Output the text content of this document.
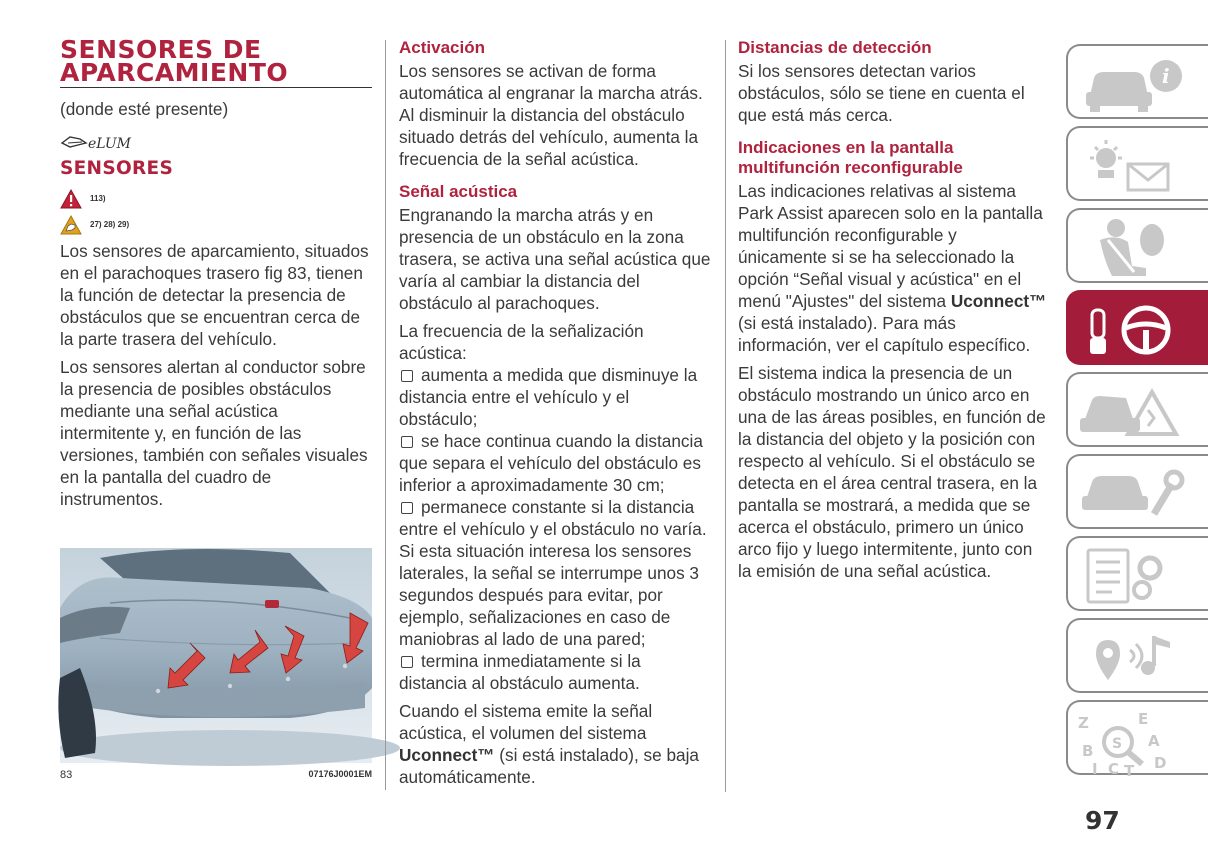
SENSORES DE APARCAMIENTO

(donde esté presente)

eLUM
SENSORES
113)
27) 28) 29)

Los sensores de aparcamiento, situados en el parachoques trasero fig 83, tienen la función de detectar la presencia de obstáculos que se encuentran cerca de la parte trasera del vehículo.

Los sensores alertan al conductor sobre la presencia de posibles obstáculos mediante una señal acústica intermitente y, en función de las versiones, también con señales visuales en la pantalla del cuadro de instrumentos.

83	07176J0001EM
Activación

Los sensores se activan de forma automática al engranar la marcha atrás. Al disminuir la distancia del obstáculo situado detrás del vehículo, aumenta la frecuencia de la señal acústica.

Señal acústica

Engranando la marcha atrás y en presencia de un obstáculo en la zona trasera, se activa una señal acústica que varía al cambiar la distancia del obstáculo al parachoques.

La frecuencia de la señalización acústica:

aumenta a medida que disminuye la distancia entre el vehículo y el obstáculo;
se hace continua cuando la distancia que separa el vehículo del obstáculo es inferior a aproximadamente 30 cm;
permanece constante si la distancia entre el vehículo y el obstáculo no varía. Si esta situación interesa los sensores laterales, la señal se interrumpe unos 3 segundos después para evitar, por ejemplo, señalizaciones en caso de maniobras al lado de una pared;
termina inmediatamente si la distancia al obstáculo aumenta.

Cuando el sistema emite la señal acústica, el volumen del sistema Uconnect™ (si está instalado), se baja automáticamente.

Distancias de detección

Si los sensores detectan varios obstáculos, sólo se tiene en cuenta el que está más cerca.

Indicaciones en la pantalla multifunción reconfigurable

Las indicaciones relativas al sistema Park Assist aparecen solo en la pantalla multifunción reconfigurable y únicamente si se ha seleccionado la opción “Señal visual y acústica" en el menú "Ajustes" del sistema Uconnect™ (si está instalado). Para más información, ver el capítulo específico.

El sistema indica la presencia de un obstáculo mostrando un único arco en una de las áreas posibles, en función de la distancia del objeto y la posición con respecto al vehículo. Si el obstáculo se detecta en el área central trasera, en la pantalla se mostrará, a medida que se acerca el obstáculo, primero un único arco fijo y luego intermitente, junto con la emisión de una señal acústica.

i
Z	E
B
A
I C T D
S
97
